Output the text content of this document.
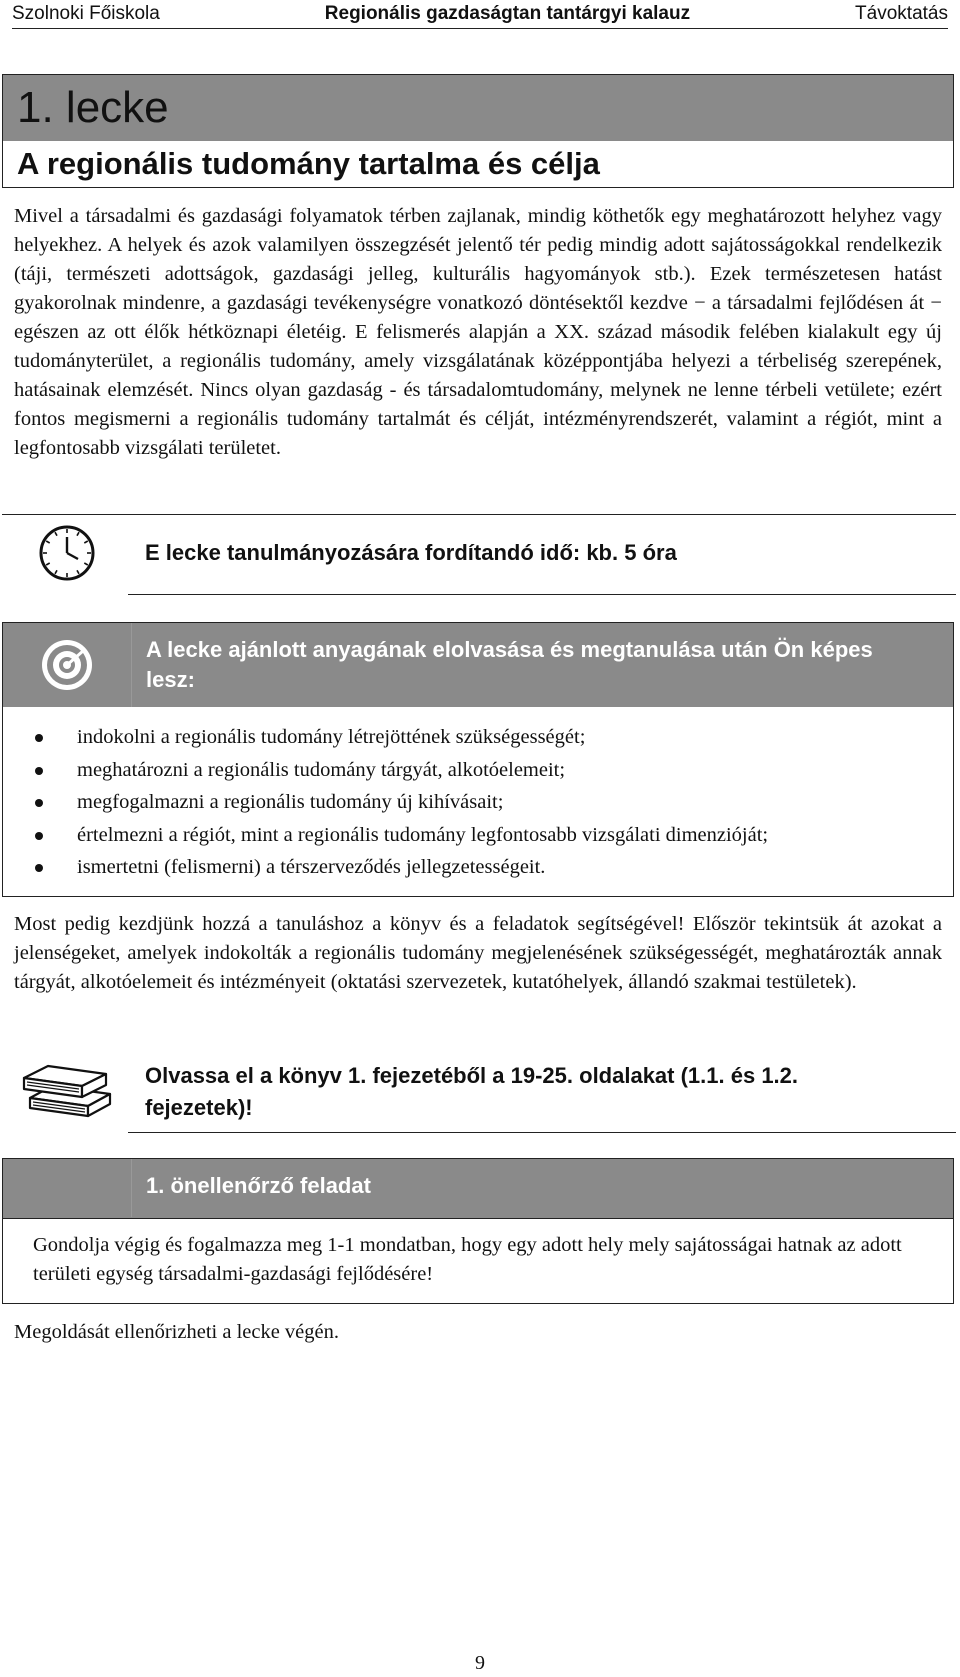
Szolnoki Főiskola	Regionális gazdaságtan tantárgyi kalauz	Távoktatás
1. lecke
A regionális tudomány tartalma és célja

Mivel a társadalmi és gazdasági folyamatok térben zajlanak, mindig köthetők egy meghatározott helyhez vagy helyekhez. A helyek és azok valamilyen összegzését jelentő tér pedig mindig adott sajátosságokkal rendelkezik (táji, természeti adottságok, gazdasági jelleg, kulturális hagyományok stb.). Ezek természetesen hatást gyakorolnak mindenre, a gazdasági tevékenységre vonatkozó döntésektől kezdve − a társadalmi fejlődésen át − egészen az ott élők hétköznapi életéig. E felismerés alapján a XX. század második felében kialakult egy új tudományterület, a regionális tudomány, amely vizsgálatának középpontjába helyezi a térbeliség szerepének, hatásainak elemzését. Nincs olyan gazdaság - és társadalomtudomány, melynek ne lenne térbeli vetülete; ezért fontos megismerni a regionális tudomány tartalmát és célját, intézményrendszerét, valamint a régiót, mint a legfontosabb vizsgálati területet.

E lecke tanulmányozására fordítandó idő: kb. 5 óra
A lecke ajánlott anyagának elolvasása és megtanulása után Ön képes lesz:
indokolni a regionális tudomány létrejöttének szükségességét;
meghatározni a regionális tudomány tárgyát, alkotóelemeit;
megfogalmazni a regionális tudomány új kihívásait;
értelmezni a régiót, mint a regionális tudomány legfontosabb vizsgálati dimenzióját;
ismertetni (felismerni) a térszerveződés jellegzetességeit.

Most pedig kezdjünk hozzá a tanuláshoz a könyv és a feladatok segítségével! Először tekintsük át azokat a jelenségeket, amelyek indokolták a regionális tudomány megjelenésének szükségességét, meghatározták annak tárgyát, alkotóelemeit és intézményeit (oktatási szervezetek, kutatóhelyek, állandó szakmai testületek).

Olvassa el a könyv 1. fejezetéből a 19-25. oldalakat (1.1. és 1.2. fejezetek)!
1. önellenőrző feladat

Gondolja végig és fogalmazza meg 1-1 mondatban, hogy egy adott hely mely sajátosságai hatnak az adott területi egység társadalmi-gazdasági fejlődésére!

Megoldását ellenőrizheti a lecke végén.

9
